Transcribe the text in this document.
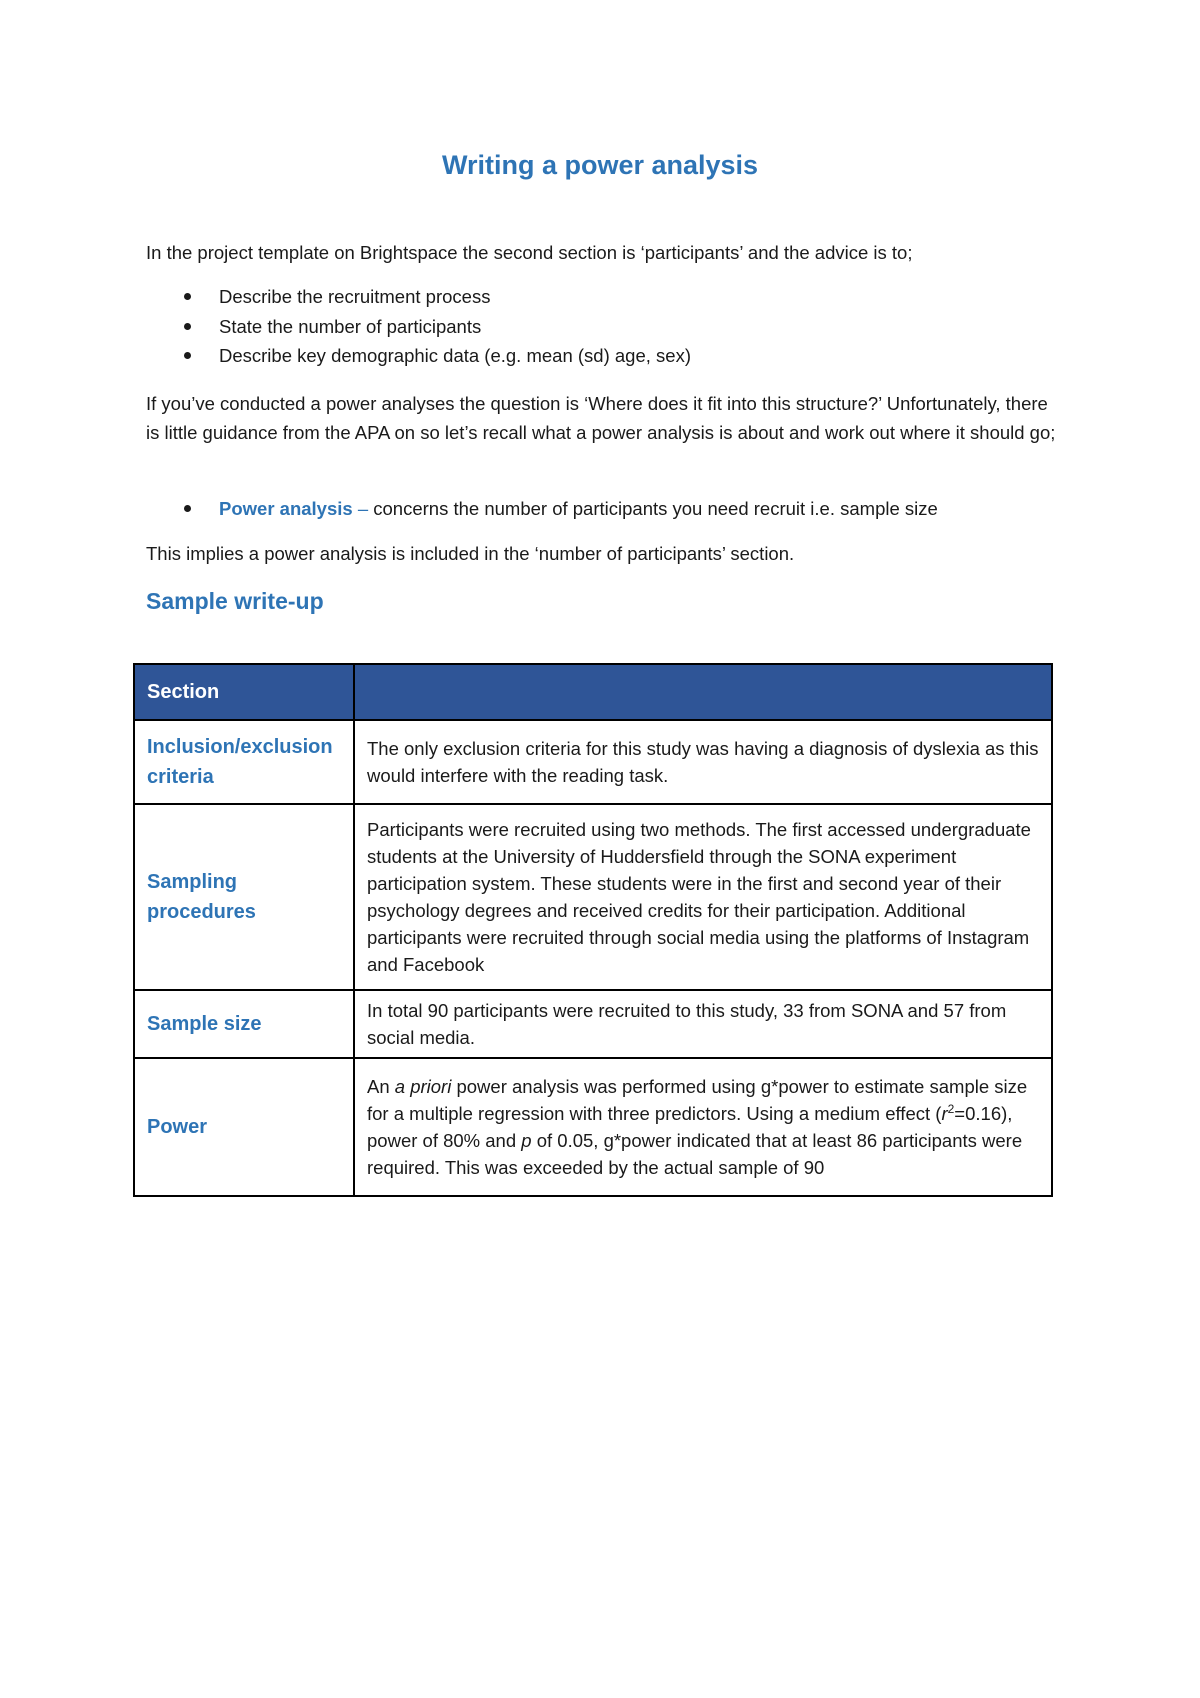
Writing a power analysis

In the project template on Brightspace the second section is ‘participants’ and the advice is to;

Describe the recruitment process
State the number of participants
Describe key demographic data (e.g. mean (sd) age, sex)

If you’ve conducted a power analyses the question is ‘Where does it fit into this structure?’ Unfortunately, there is little guidance from the APA on so let’s recall what a power analysis is about and work out where it should go;

Power analysis – concerns the number of participants you need recruit i.e. sample size

This implies a power analysis is included in the ‘number of participants’ section.

Sample write-up
Section	
Inclusion/exclusion criteria	The only exclusion criteria for this study was having a diagnosis of dyslexia as this would interfere with the reading task.
Sampling procedures	Participants were recruited using two methods. The first accessed undergraduate students at the University of Huddersfield through the SONA experiment participation system. These students were in the first and second year of their psychology degrees and received credits for their participation. Additional participants were recruited through social media using the platforms of Instagram and Facebook
Sample size	In total 90 participants were recruited to this study, 33 from SONA and 57 from social media.
Power	An a priori power analysis was performed using g*power to estimate sample size for a multiple regression with three predictors. Using a medium effect $(r^2=0.16)$, power of 80% and p of 0.05, g*power indicated that at least 86 participants were required. This was exceeded by the actual sample of 90
